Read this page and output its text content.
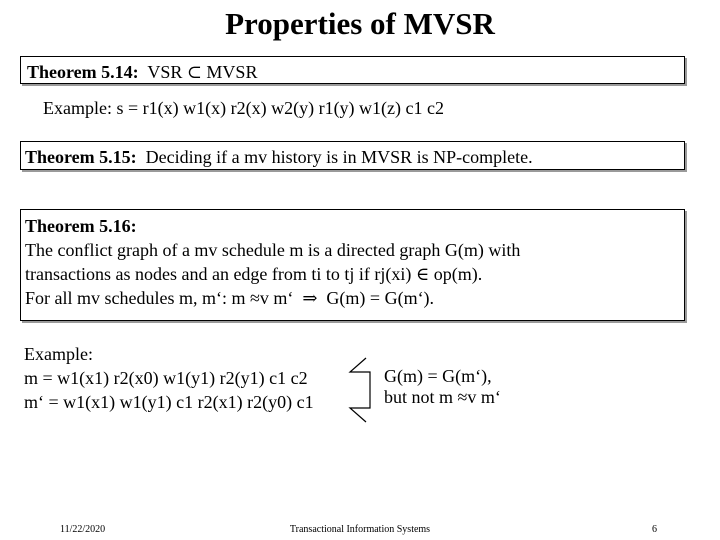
Properties of MVSR
Theorem 5.14:  VSR ⊂ MVSR
Example: s = r1(x) w1(x) r2(x) w2(y) r1(y) w1(z) c1 c2
Theorem 5.15:  Deciding if a mv history is in MVSR is NP-complete.
Theorem 5.16:
The conflict graph of a mv schedule m is a directed graph G(m) with
transactions as nodes and an edge from ti to tj if rj(xi) ∈ op(m).
For all mv schedules m, m‘: m ≈v m‘  ⇒  G(m) = G(m‘).
Example:
m = w1(x1) r2(x0) w1(y1) r2(y1) c1 c2
m‘ = w1(x1) w1(y1) c1 r2(x1) r2(y0) c1
G(m) = G(m‘),
but not m ≈v m‘
11/22/2020	Transactional Information Systems	6
